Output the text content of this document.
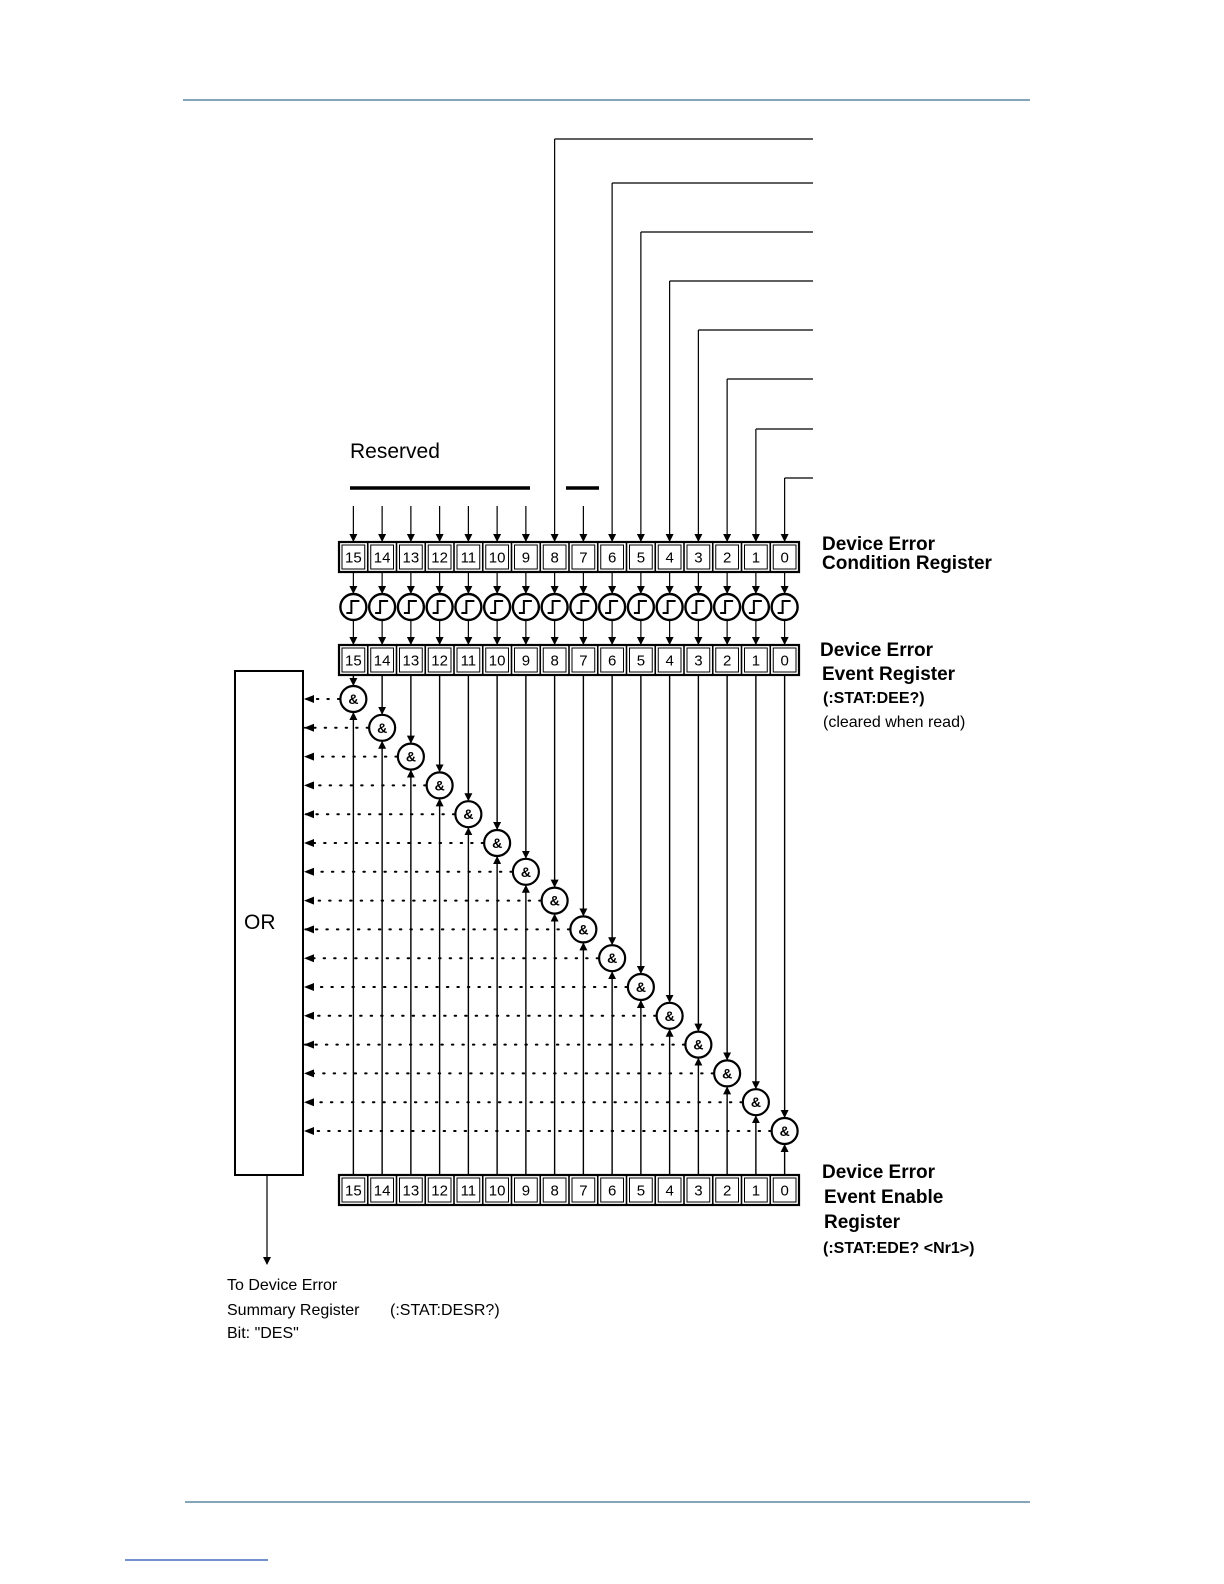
15 14 13 12 11 10 9 8 7 6 5 4 3 2 1 0
15 14 13 12 11 10 9 8 7 6 5 4 3 2 1 0
15 14 13 12 11 10 9 8 7 6 5 4 3 2 1 0
&
&
&
&
&
&
&
&
&
&
&
&
&
&
&
&
Reserved
Device Error
Condition Register
Device Error
Event Register
(:STAT:DEE?)
(cleared when read)
Device Error
Event Enable
Register
(:STAT:EDE? <Nr1>)
OR
To Device Error
Summary Register (:STAT:DESR?)
Bit: "DES"
